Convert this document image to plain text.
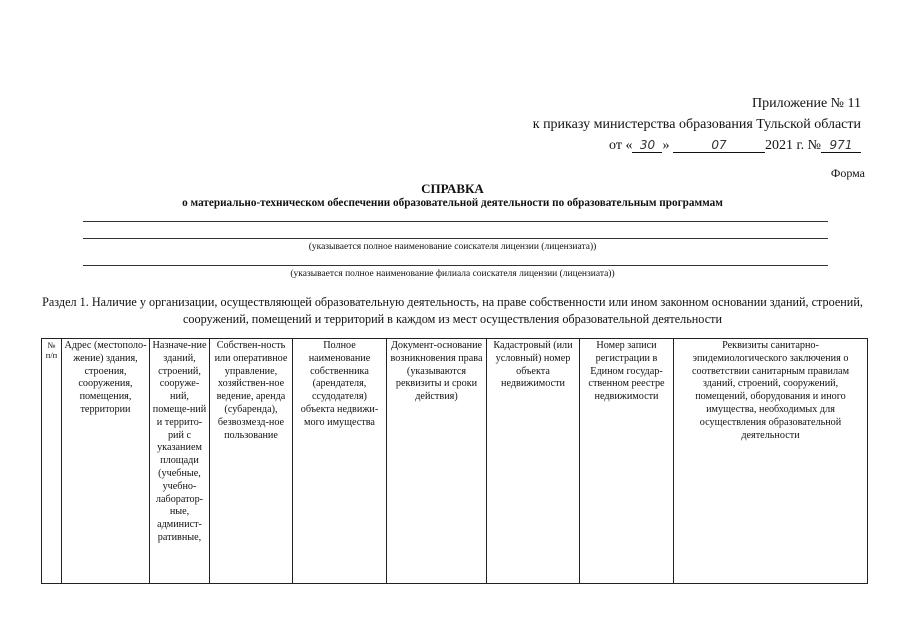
Приложение № 11
к приказу министерства образования Тульской области
от « 30 »	07	2021 г. № 971
Форма
СПРАВКА
о материально-техническом обеспечении образовательной деятельности по образовательным программам
(указывается полное наименование соискателя лицензии (лицензиата))
(указывается полное наименование филиала соискателя лицензии (лицензиата))
Раздел 1. Наличие у организации, осуществляющей образовательную деятельность, на праве собственности или ином законном основании зданий, строений, сооружений, помещений и территорий в каждом из мест осуществления образовательной деятельности
№ п/п	Адрес (местополо-жение) здания, строения, сооружения, помещения, территории	Назначе-ние зданий, строений, сооруже-ний, помеще-ний и террито-рий с указанием площади (учебные, учебно-лаборатор-ные, админист-ративные,	Собствен-ность или оперативное управление, хозяйствен-ное ведение, аренда (субаренда), безвозмезд-ное пользование	Полное наименование собственника (арендателя, ссудодателя) объекта недвижи-мого имущества	Документ-основание возникновения права (указываются реквизиты и сроки действия)	Кадастровый (или условный) номер объекта недвижимости	Номер записи регистрации в Едином государ-ственном реестре недвижимости	Реквизиты санитарно-эпидемиологического заключения о соответствии санитарным правилам зданий, строений, сооружений, помещений, оборудования и иного имущества, необходимых для осуществления образовательной деятельности
